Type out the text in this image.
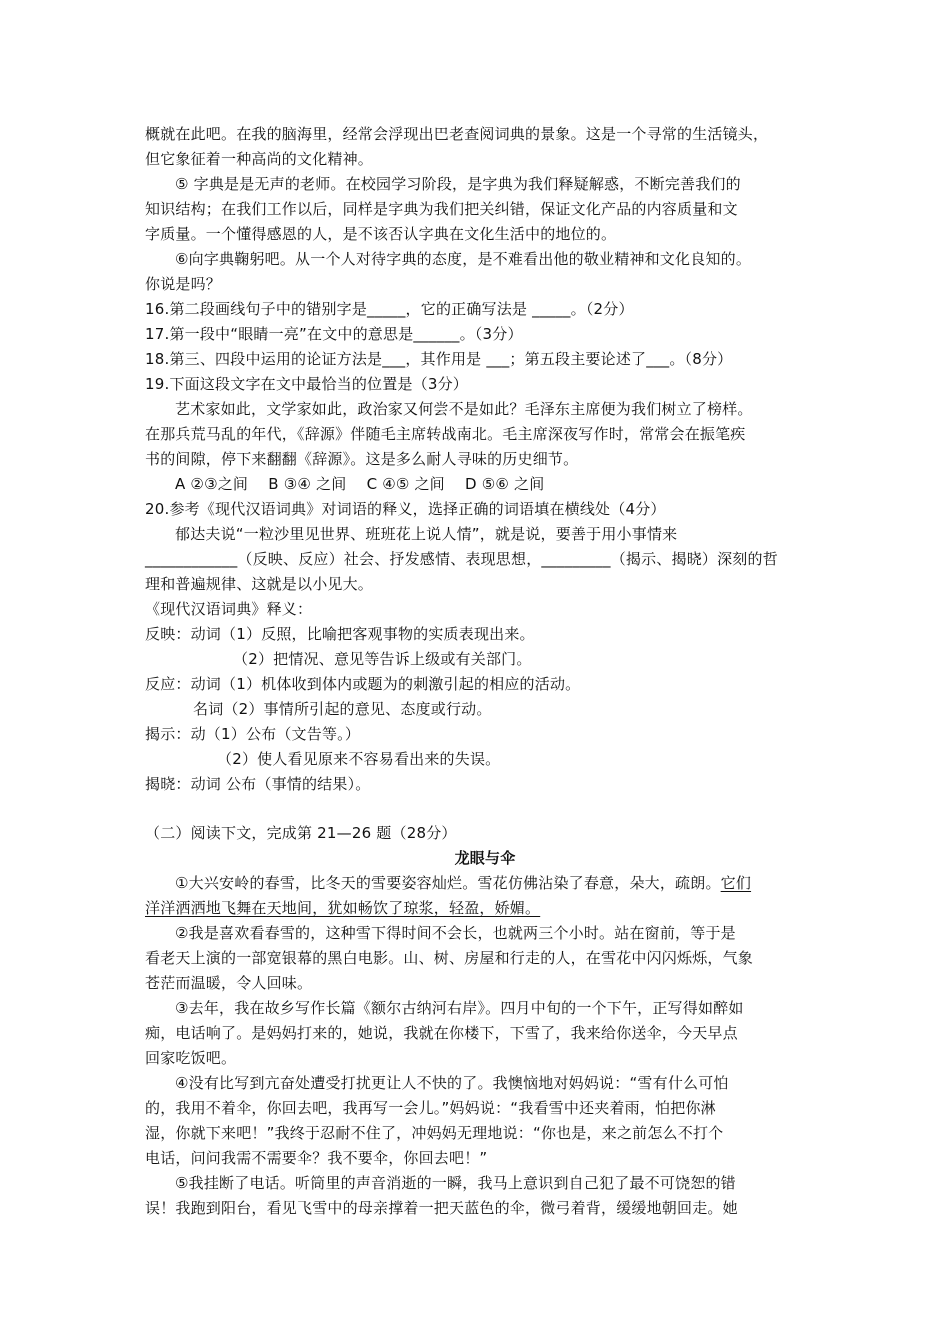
概就在此吧。在我的脑海里，经常会浮现出巴老查阅词典的景象。这是一个寻常的生活镜头，
但它象征着一种高尚的文化精神。
⑤ 字典是是无声的老师。在校园学习阶段，是字典为我们释疑解惑，不断完善我们的
知识结构；在我们工作以后，同样是字典为我们把关纠错，保证文化产品的内容质量和文
字质量。一个懂得感恩的人，是不该否认字典在文化生活中的地位的。
⑥向字典鞠躬吧。从一个人对待字典的态度，是不难看出他的敬业精神和文化良知的。
你说是吗？
16.第二段画线句子中的错别字是_____，它的正确写法是 _____。（2分）
17.第一段中“眼睛一亮”在文中的意思是______。（3分）
18.第三、四段中运用的论证方法是___，其作用是 ___；第五段主要论述了___。（8分）
19.下面这段文字在文中最恰当的位置是（3分）
艺术家如此，文学家如此，政治家又何尝不是如此？毛泽东主席便为我们树立了榜样。
在那兵荒马乱的年代，《辞源》伴随毛主席转战南北。毛主席深夜写作时，常常会在振笔疾
书的间隙，停下来翻翻《辞源》。这是多么耐人寻味的历史细节。
A ②③之间　 B ③④ 之间　 C ④⑤ 之间　 D ⑤⑥ 之间
20.参考《现代汉语词典》对词语的释义，选择正确的词语填在横线处（4分）
郁达夫说“一粒沙里见世界、班班花上说人情”，就是说，要善于用小事情来
____________（反映、反应）社会、抒发感情、表现思想，_________（揭示、揭晓）深刻的哲
理和普遍规律、这就是以小见大。
《现代汉语词典》释义：
反映：动词（1）反照，比喻把客观事物的实质表现出来。
（2）把情况、意见等告诉上级或有关部门。
反应：动词（1）机体收到体内或题为的刺激引起的相应的活动。
名词（2）事情所引起的意见、态度或行动。
揭示：动（1）公布（文告等。）
（2）使人看见原来不容易看出来的失误。
揭晓：动词 公布（事情的结果）。
（二）阅读下文，完成第 21—26 题（28分）
龙眼与伞
①大兴安岭的春雪，比冬天的雪要姿容灿烂。雪花仿佛沾染了春意，朵大，疏朗。它们
洋洋洒洒地飞舞在天地间，犹如畅饮了琼浆，轻盈，娇媚。
②我是喜欢看春雪的，这种雪下得时间不会长，也就两三个小时。站在窗前，等于是
看老天上演的一部宽银幕的黑白电影。山、树、房屋和行走的人，在雪花中闪闪烁烁，气象
苍茫而温暖，令人回味。
③去年，我在故乡写作长篇《额尔古纳河右岸》。四月中旬的一个下午，正写得如醉如
痴，电话响了。是妈妈打来的，她说，我就在你楼下，下雪了，我来给你送伞，今天早点
回家吃饭吧。
④没有比写到亢奋处遭受打扰更让人不快的了。我懊恼地对妈妈说：“雪有什么可怕
的，我用不着伞，你回去吧，我再写一会儿。”妈妈说：“我看雪中还夹着雨，怕把你淋
湿，你就下来吧！”我终于忍耐不住了，冲妈妈无理地说：“你也是，来之前怎么不打个
电话，问问我需不需要伞？我不要伞，你回去吧！”
⑤我挂断了电话。听筒里的声音消逝的一瞬，我马上意识到自己犯了最不可饶恕的错
误！我跑到阳台，看见飞雪中的母亲撑着一把天蓝色的伞，微弓着背，缓缓地朝回走。她
